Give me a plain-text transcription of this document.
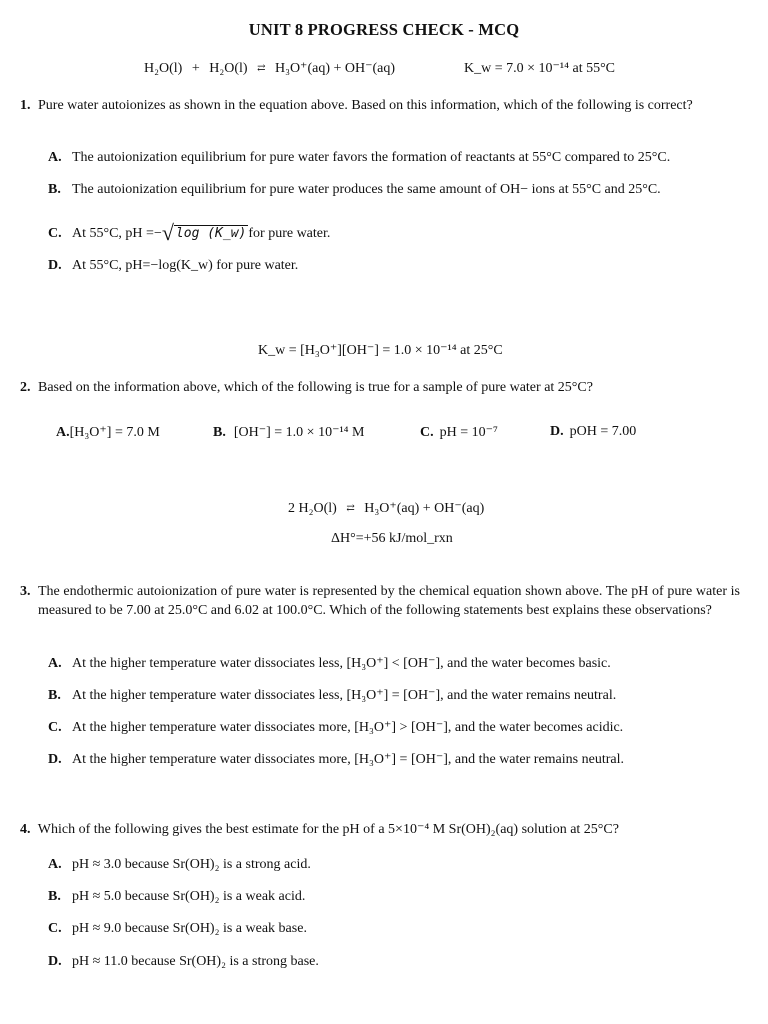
UNIT 8 PROGRESS CHECK - MCQ
H₂O(l) + H₂O(l) ⇄ H₃O⁺(aq) + OH⁻(aq)	K_w = 7.0 × 10⁻¹⁴ at 55°C
1. Pure water autoionizes as shown in the equation above. Based on this information, which of the following is correct?
A. The autoionization equilibrium for pure water favors the formation of reactants at 55°C compared to 25°C.
B. The autoionization equilibrium for pure water produces the same amount of OH− ions at 55°C and 25°C.
C. At 55°C, pH =−√ log (K_w) for pure water.
D. At 55°C, pH=−log(K_w) for pure water.
K_w = [H₃O⁺][OH⁻] = 1.0 × 10⁻¹⁴ at 25°C
2. Based on the information above, which of the following is true for a sample of pure water at 25°C?
A.[H₃O⁺] = 7.0 M	B. [OH⁻] = 1.0 × 10⁻¹⁴ M	C. pH = 10⁻⁷	D. pOH = 7.00
2 H₂O(l) ⇄ H₃O⁺(aq) + OH⁻(aq)
ΔH°=+56 kJ/mol_rxn
3. The endothermic autoionization of pure water is represented by the chemical equation shown above. The pH of pure water is measured to be 7.00 at 25.0°C and 6.02 at 100.0°C. Which of the following statements best explains these observations?
A. At the higher temperature water dissociates less, [H₃O⁺] < [OH⁻], and the water becomes basic.
B. At the higher temperature water dissociates less, [H₃O⁺] = [OH⁻], and the water remains neutral.
C. At the higher temperature water dissociates more, [H₃O⁺] > [OH⁻], and the water becomes acidic.
D. At the higher temperature water dissociates more, [H₃O⁺] = [OH⁻], and the water remains neutral.
4. Which of the following gives the best estimate for the pH of a 5×10⁻⁴ M Sr(OH)₂(aq) solution at 25°C?
A. pH ≈ 3.0 because Sr(OH)₂ is a strong acid.
B. pH ≈ 5.0 because Sr(OH)₂ is a weak acid.
C. pH ≈ 9.0 because Sr(OH)₂ is a weak base.
D. pH ≈ 11.0 because Sr(OH)₂ is a strong base.
